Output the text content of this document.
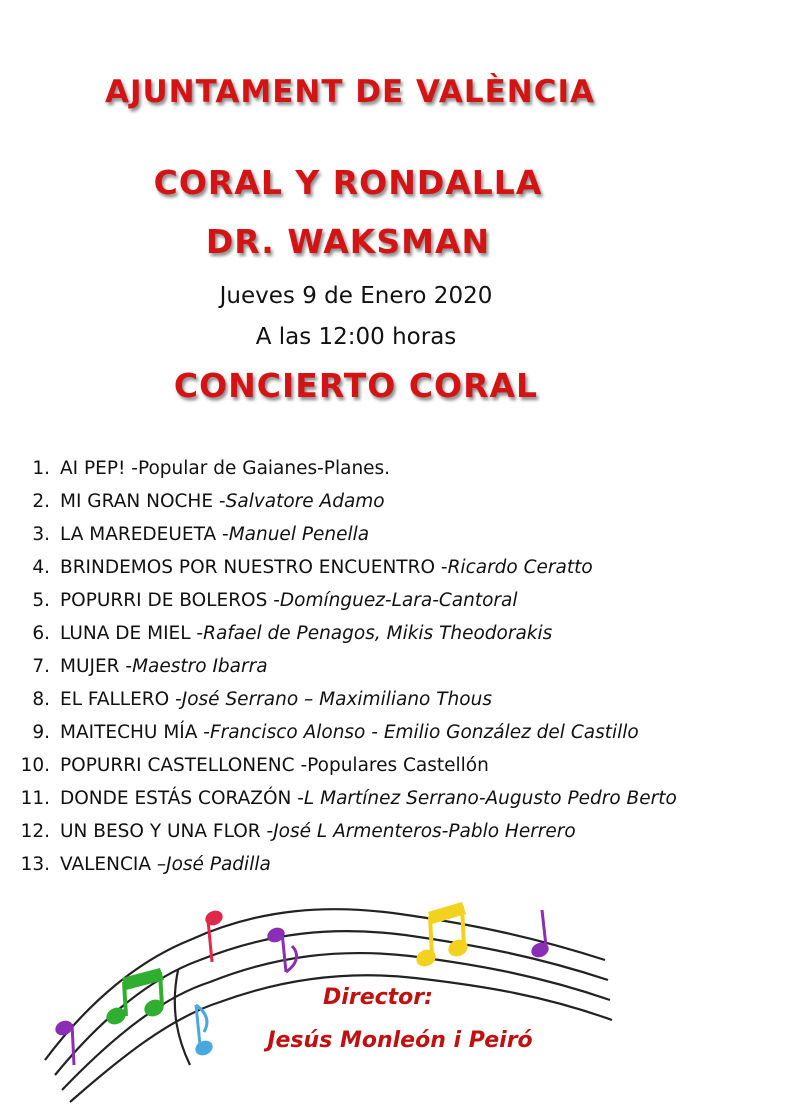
AJUNTAMENT DE VALÈNCIA
CORAL Y RONDALLA
DR. WAKSMAN
Jueves 9 de Enero 2020
A las 12:00 horas
CONCIERTO CORAL
1. AI PEP! -Popular de Gaianes-Planes.
2. MI GRAN NOCHE -Salvatore Adamo
3. LA MAREDEUETA -Manuel Penella
4. BRINDEMOS POR NUESTRO ENCUENTRO -Ricardo Ceratto
5. POPURRI DE BOLEROS -Domínguez-Lara-Cantoral
6. LUNA DE MIEL -Rafael de Penagos, Mikis Theodorakis
7. MUJER -Maestro Ibarra
8. EL FALLERO -José Serrano – Maximiliano Thous
9. MAITECHU MÍA -Francisco Alonso - Emilio González del Castillo
10. POPURRI CASTELLONENC -Populares Castellón
11. DONDE ESTÁS CORAZÓN -L Martínez Serrano-Augusto Pedro Berto
12. UN BESO Y UNA FLOR -José L Armenteros-Pablo Herrero
13. VALENCIA –José Padilla
Director:
Jesús Monleón i Peiró
